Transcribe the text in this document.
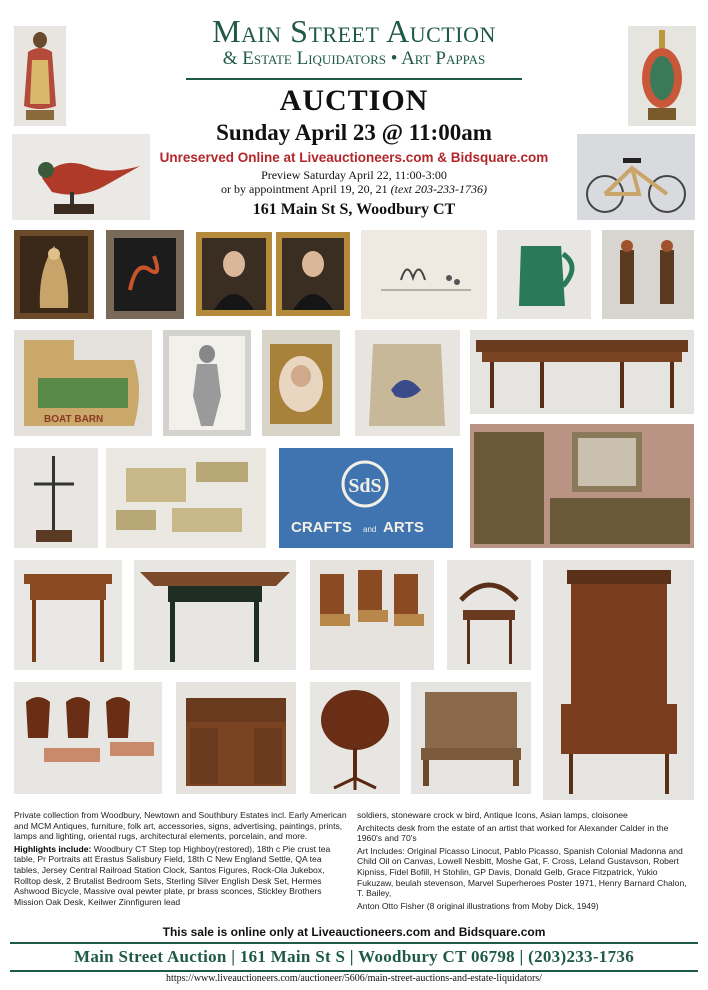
Main Street Auction
& Estate Liquidators • Art Pappas
AUCTION
Sunday April 23 @ 11:00am
Unreserved Online at Liveauctioneers.com & Bidsquare.com
Preview Saturday April 22, 11:00-3:00
or by appointment April 19, 20, 21 (text 203-233-1736)
161 Main St S, Woodbury CT
BOAT BARN
SdS
CRAFTS and ARTS

Private collection from Woodbury, Newtown and Southbury Estates incl. Early American and MCM Antiques, furniture, folk art, accessories, signs, advertising, paintings, prints, lamps and lighting, oriental rugs, architectural elements, porcelain, and more.

Highlights include: Woodbury CT Step top Highboy(restored), 18th c Pie crust tea table, Pr Portraits att Erastus Salisbury Field, 18th C New England Settle, QA tea tables, Jersey Central Railroad Station Clock, Santos Figures, Rock-Ola Jukebox, Rolltop desk, 2 Brutalist Bedroom Sets, Sterling Silver English Desk Set, Hermes Ashwood Bicycle, Massive oval pewter plate, pr brass sconces, Stickley Brothers Mission Oak Desk, Keilwer Zinnfiguren lead

soldiers, stoneware crock w bird, Antique Icons, Asian lamps, cloisonee

Architects desk from the estate of an artist that worked for Alexander Calder in the 1960's and 70's

Art Includes: Original Picasso Linocut, Pablo Picasso, Spanish Colonial Madonna and Child Oil on Canvas, Lowell Nesbitt, Moshe Gat, F. Cross, Leland Gustavson, Robert Kipniss, Fidel Bofill, H Stohlin, GP Davis, Donald Gelb, Grace Fitzpatrick, Yukio Fukuzaw, beulah stevenson, Marvel Superheroes Poster 1971, Henry Barnard Chalon, T. Bailey,

Anton Otto Fisher (8 original illustrations from Moby Dick, 1949)

This sale is online only at Liveauctioneers.com and Bidsquare.com
Main Street Auction | 161 Main St S | Woodbury CT 06798 | (203)233-1736
https://www.liveauctioneers.com/auctioneer/5606/main-street-auctions-and-estate-liquidators/
